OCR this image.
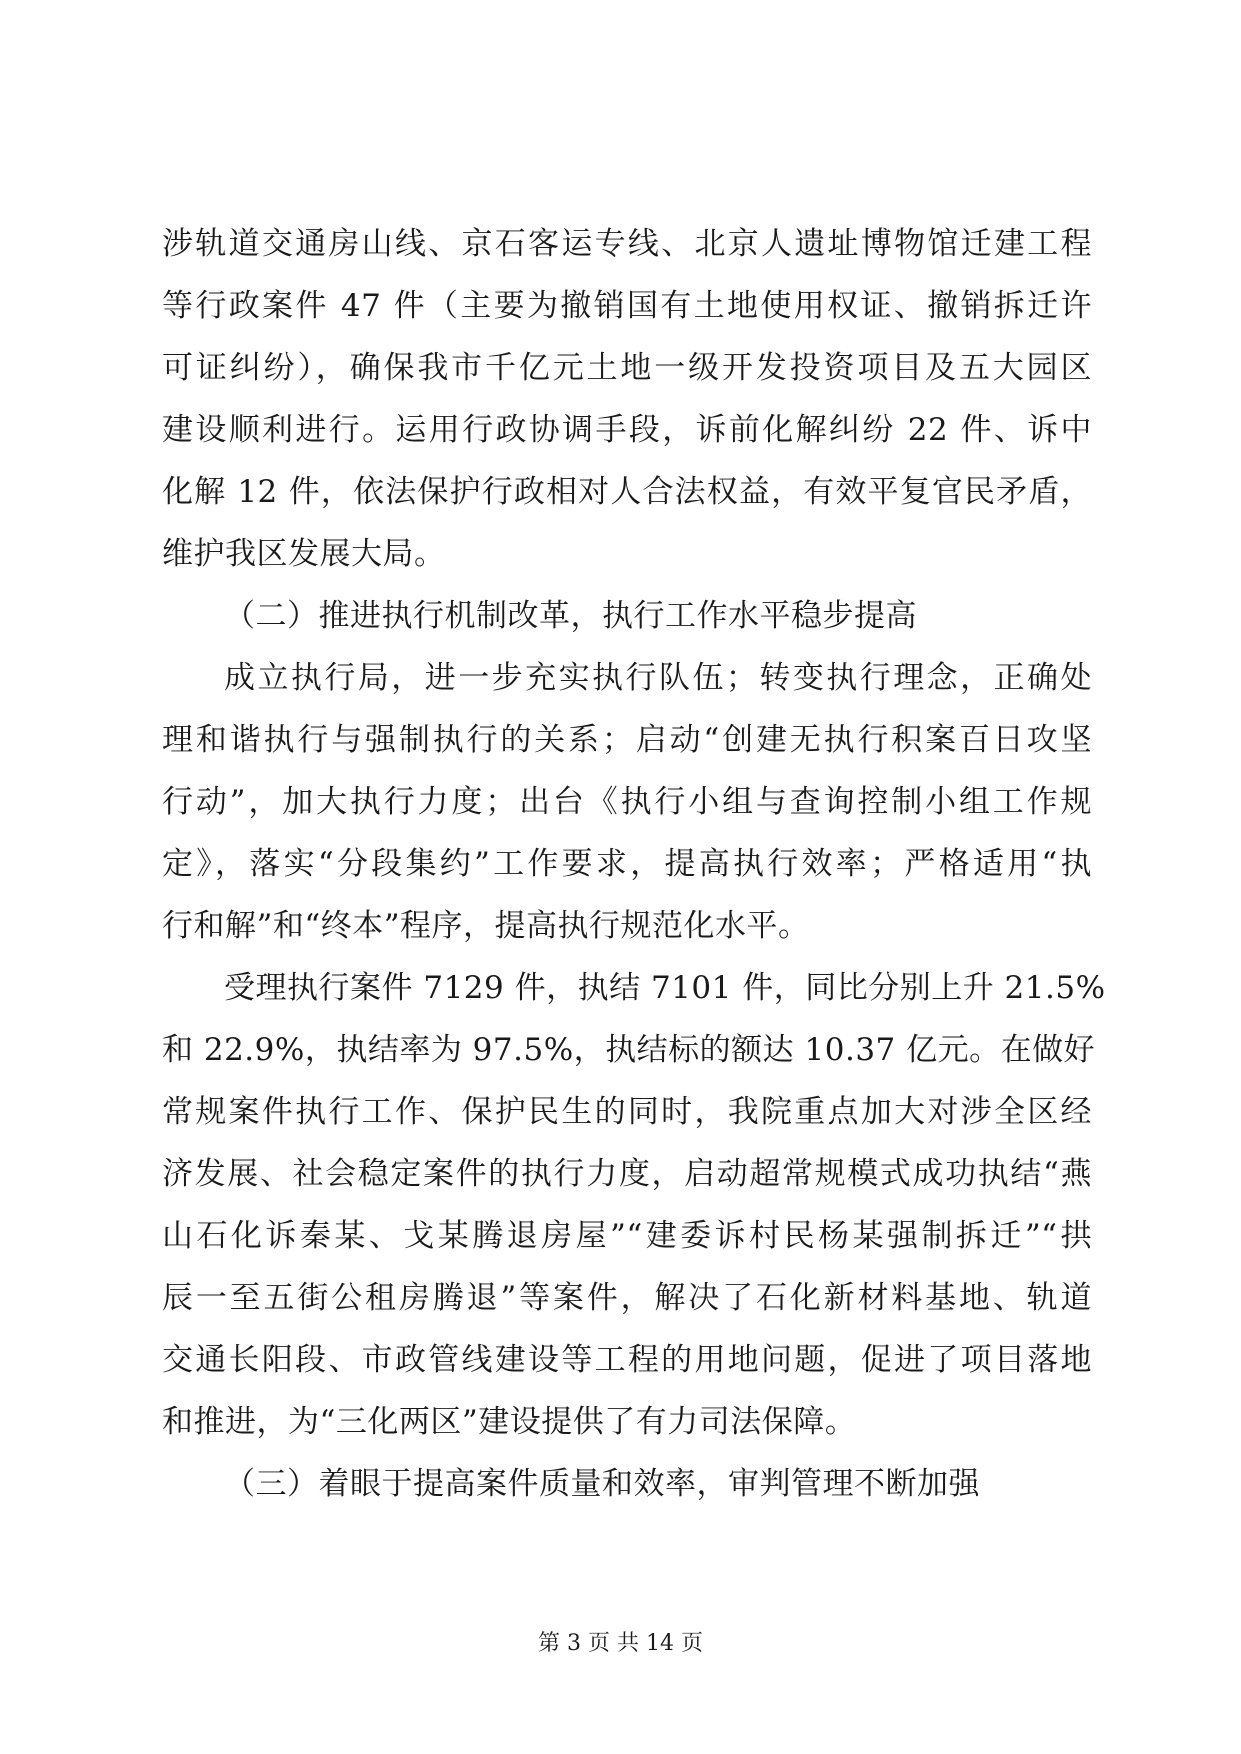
涉轨道交通房山线、京石客运专线、北京人遗址博物馆迁建工程
等行政案件 47 件（主要为撤销国有土地使用权证、撤销拆迁许
可证纠纷），确保我市千亿元土地一级开发投资项目及五大园区
建设顺利进行。运用行政协调手段，诉前化解纠纷 22 件、诉中
化解 12 件，依法保护行政相对人合法权益，有效平复官民矛盾，
维护我区发展大局。
（二）推进执行机制改革，执行工作水平稳步提高
成立执行局，进一步充实执行队伍；转变执行理念，正确处
理和谐执行与强制执行的关系；启动“创建无执行积案百日攻坚
行动”，加大执行力度；出台《执行小组与查询控制小组工作规
定》，落实“分段集约”工作要求，提高执行效率；严格适用“执
行和解”和“终本”程序，提高执行规范化水平。
受理执行案件 7129 件，执结 7101 件，同比分别上升 21.5%
和 22.9%，执结率为 97.5%，执结标的额达 10.37 亿元。在做好
常规案件执行工作、保护民生的同时，我院重点加大对涉全区经
济发展、社会稳定案件的执行力度，启动超常规模式成功执结“燕
山石化诉秦某、戈某腾退房屋”“建委诉村民杨某强制拆迁”“拱
辰一至五街公租房腾退”等案件，解决了石化新材料基地、轨道
交通长阳段、市政管线建设等工程的用地问题，促进了项目落地
和推进，为“三化两区”建设提供了有力司法保障。
（三）着眼于提高案件质量和效率，审判管理不断加强
第 3 页 共 14 页
